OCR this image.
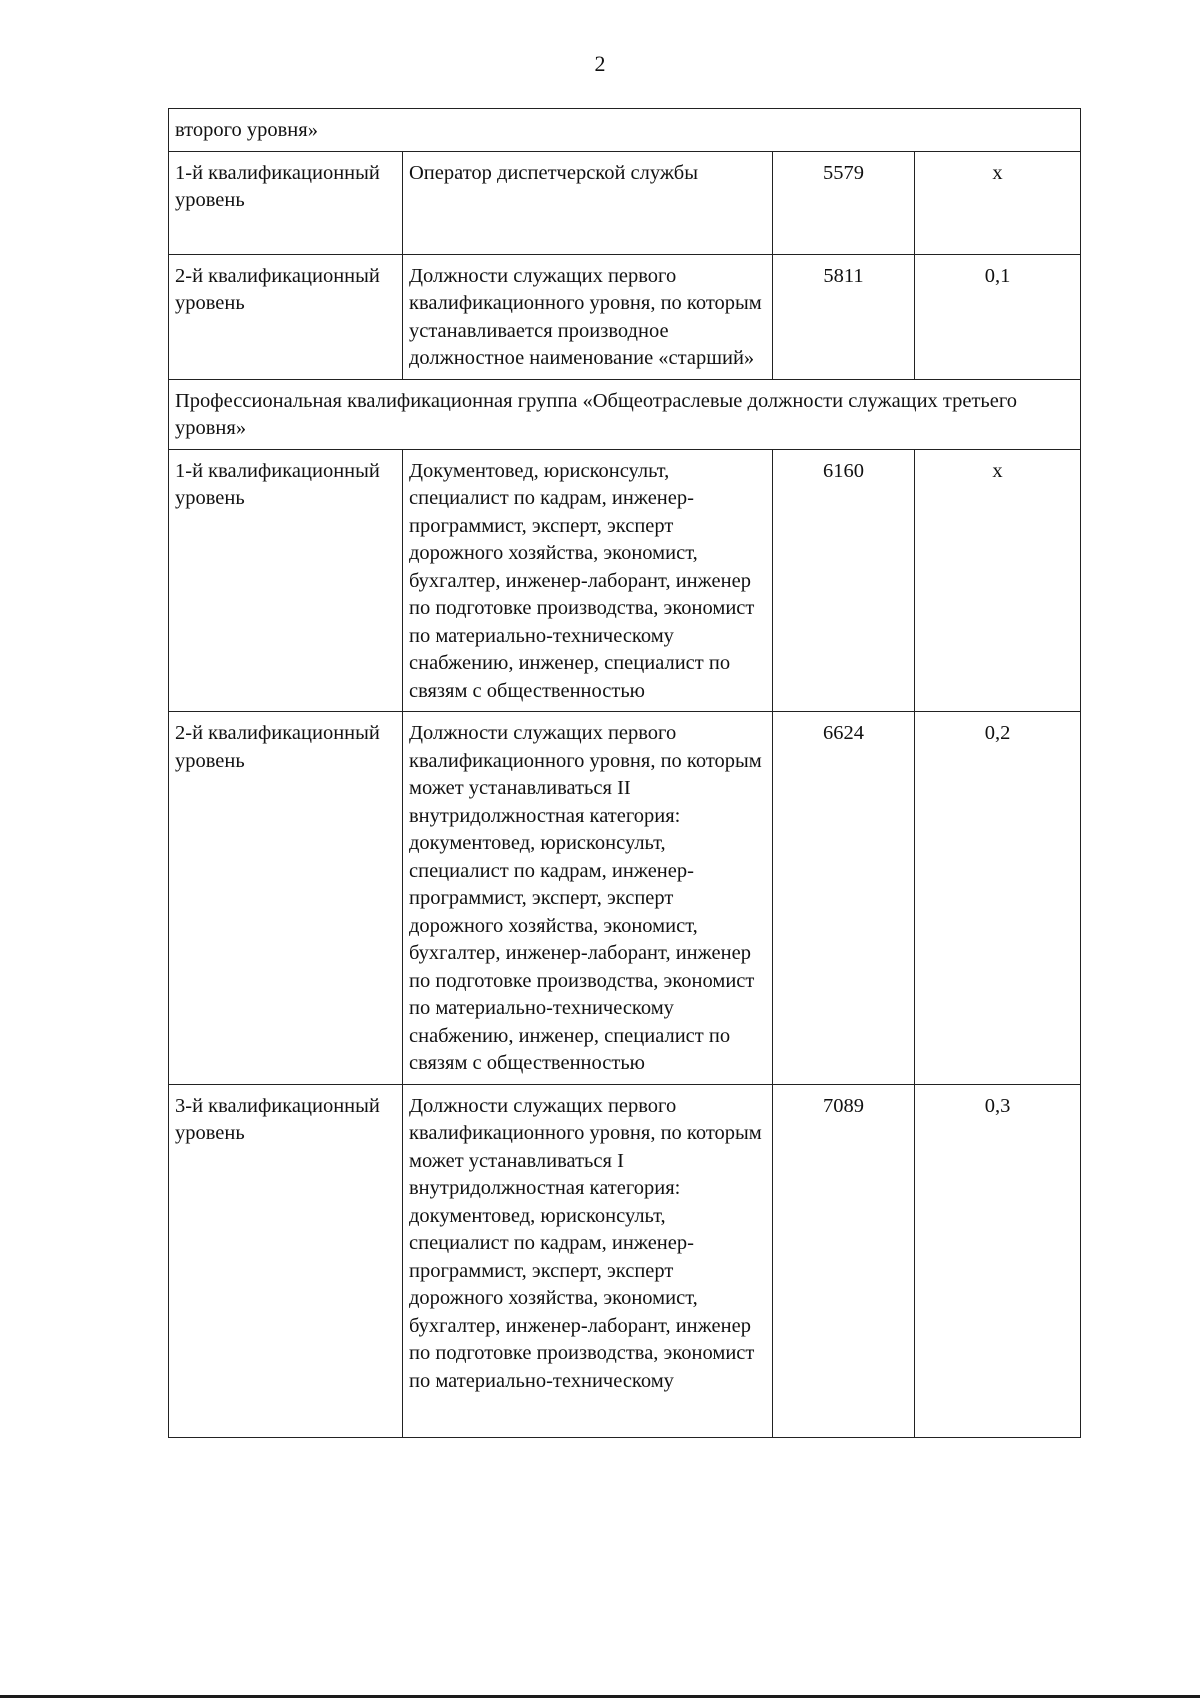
2
второго уровня»			
1-й квалификационный уровень	Оператор диспетчерской службы	5579	x
2-й квалификационный уровень	Должности служащих первого квалификационного уровня, по которым устанавливается производное должностное наименование «старший»	5811	0,1
Профессиональная квалификационная группа «Общеотраслевые должности служащих третьего уровня»			
1-й квалификационный уровень	Документовед, юрисконсульт, специалист по кадрам, инженер-программист, эксперт, эксперт дорожного хозяйства, экономист, бухгалтер, инженер-лаборант, инженер по подготовке производства, экономист по материально-техническому снабжению, инженер, специалист по связям с общественностью	6160	x
2-й квалификационный уровень	Должности служащих первого квалификационного уровня, по которым может устанавливаться II внутридолжностная категория: документовед, юрисконсульт, специалист по кадрам, инженер-программист, эксперт, эксперт дорожного хозяйства, экономист, бухгалтер, инженер-лаборант, инженер по подготовке производства, экономист по материально-техническому снабжению, инженер, специалист по связям с общественностью	6624	0,2
3-й квалификационный уровень	Должности служащих первого квалификационного уровня, по которым может устанавливаться I внутридолжностная категория: документовед, юрисконсульт, специалист по кадрам, инженер-программист, эксперт, эксперт дорожного хозяйства, экономист, бухгалтер, инженер-лаборант, инженер по подготовке производства, экономист по материально-техническому	7089	0,3
